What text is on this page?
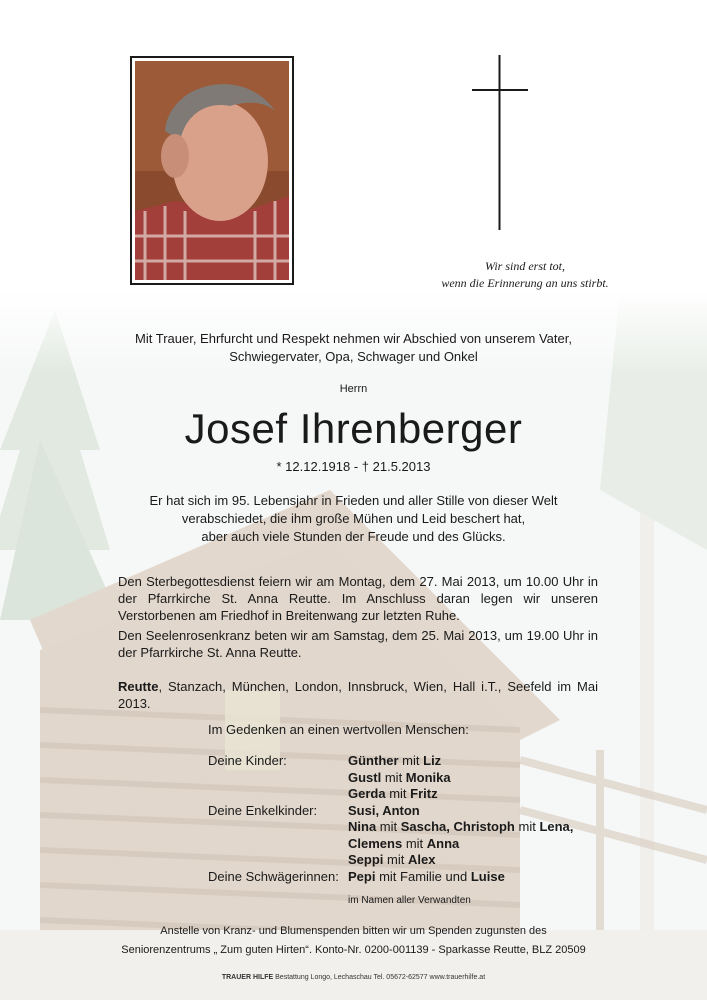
Wir sind erst tot,
wenn die Erinnerung an uns stirbt.
Mit Trauer, Ehrfurcht und Respekt nehmen wir Abschied von unserem Vater,
Schwiegervater, Opa, Schwager und Onkel
Herrn
Josef Ihrenberger
* 12.12.1918 - † 21.5.2013
Er hat sich im 95. Lebensjahr in Frieden und aller Stille von dieser Welt
verabschiedet, die ihm große Mühen und Leid beschert hat,
aber auch viele Stunden der Freude und des Glücks.
Den Sterbegottesdienst feiern wir am Montag, dem 27. Mai 2013, um 10.00 Uhr in der Pfarrkirche St. Anna Reutte. Im Anschluss daran legen wir unseren Verstorbenen am Friedhof in Breitenwang zur letzten Ruhe.
Den Seelenrosenkranz beten wir am Samstag, dem 25. Mai 2013, um 19.00 Uhr in der Pfarrkirche St. Anna Reutte.
Reutte, Stanzach, München, London, Innsbruck, Wien, Hall i.T., Seefeld im Mai 2013.
Im Gedenken an einen wertvollen Menschen:
Deine Kinder:	Günther mit Liz
Gustl mit Monika
Gerda mit Fritz
Deine Enkelkinder:	Susi, Anton
Nina mit Sascha, Christoph mit Lena,
Clemens mit Anna
Seppi mit Alex
Deine Schwägerinnen: Pepi mit Familie und Luise
im Namen aller Verwandten
Anstelle von Kranz- und Blumenspenden bitten wir um Spenden zugunsten des
Seniorenzentrums „ Zum guten Hirten“. Konto-Nr. 0200-001139 - Sparkasse Reutte, BLZ 20509
TRAUER HILFE Bestattung Longo, Lechaschau Tel. 05672-62577 www.trauerhilfe.at
